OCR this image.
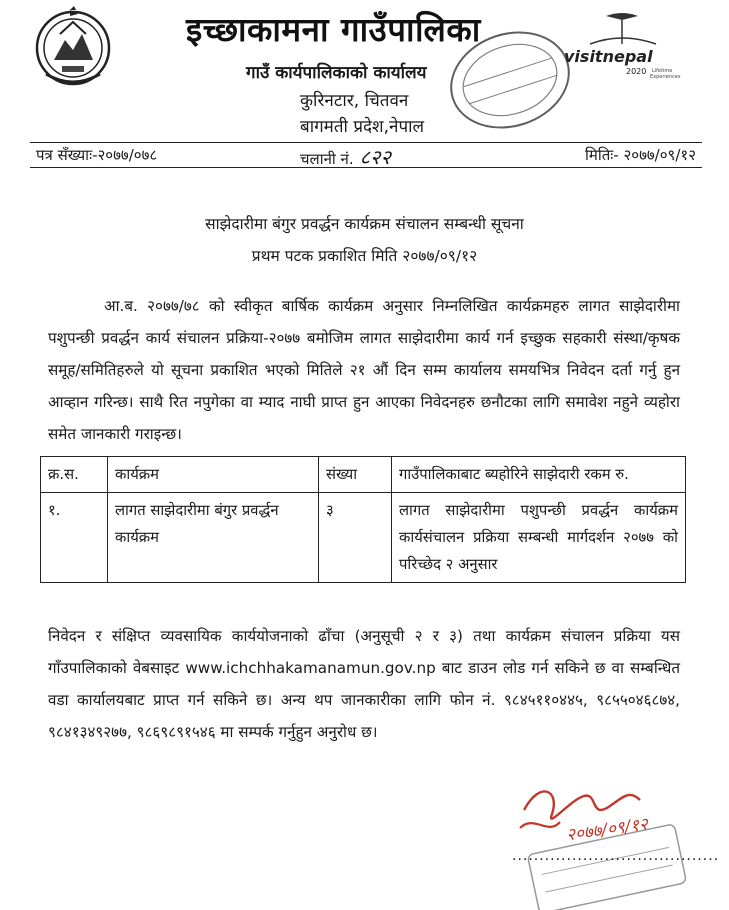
इच्छाकामना गाउँपालिका
गाउँ कार्यपालिकाको कार्यालय
कुरिनटार, चितवन
बागमती प्रदेश,नेपाल
visitnepal
2020 Lifetime
Experiences
पत्र सँख्याः-२०७७/०७८	चलानी नं. ८२२	मितिः- २०७७/०९/१२
साझेदारीमा बंगुर प्रवर्द्धन कार्यक्रम संचालन सम्बन्धी सूचना
प्रथम पटक प्रकाशित मिति २०७७/०९/१२
आ.ब. २०७७/७८ को स्वीकृत बार्षिक कार्यक्रम अनुसार निम्नलिखित कार्यक्रमहरु लागत साझेदारीमा पशुपन्छी प्रवर्द्धन कार्य संचालन प्रक्रिया-२०७७ बमोजिम लागत साझेदारीमा कार्य गर्न इच्छुक सहकारी संस्था/कृषक समूह/समितिहरुले यो सूचना प्रकाशित भएको मितिले २१ औं दिन सम्म कार्यालय समयभित्र निवेदन दर्ता गर्नु हुन आव्हान गरिन्छ। साथै रित नपुगेका वा म्याद नाघी प्राप्त हुन आएका निवेदनहरु छनौटका लागि समावेश नहुने व्यहोरा समेत जानकारी गराइन्छ।
क्र.स.	कार्यक्रम	संख्या	गाउँपालिकाबाट ब्यहोरिने साझेदारी रकम रु.
१.	लागत साझेदारीमा बंगुर प्रवर्द्धन कार्यक्रम	३	लागत साझेदारीमा पशुपन्छी प्रवर्द्धन कार्यक्रम कार्यसंचालन प्रक्रिया सम्बन्धी मार्गदर्शन २०७७ को परिच्छेद २ अनुसार
निवेदन र संक्षिप्त व्यवसायिक कार्ययोजनाको ढाँचा (अनुसूची २ र ३) तथा कार्यक्रम संचालन प्रक्रिया यस गाँउपालिकाको वेबसाइट www.ichchhakamanamun.gov.np बाट डाउन लोड गर्न सकिने छ वा सम्बन्धित वडा कार्यालयबाट प्राप्त गर्न सकिने छ। अन्य थप जानकारीका लागि फोन नं. ९८४५११०४४५, ९८५५०४६८७४, ९८४१३४९२७७, ९८६९८९१५४६ मा सम्पर्क गर्नुहुन अनुरोध छ।
२०७७/०९/१२
......................................
